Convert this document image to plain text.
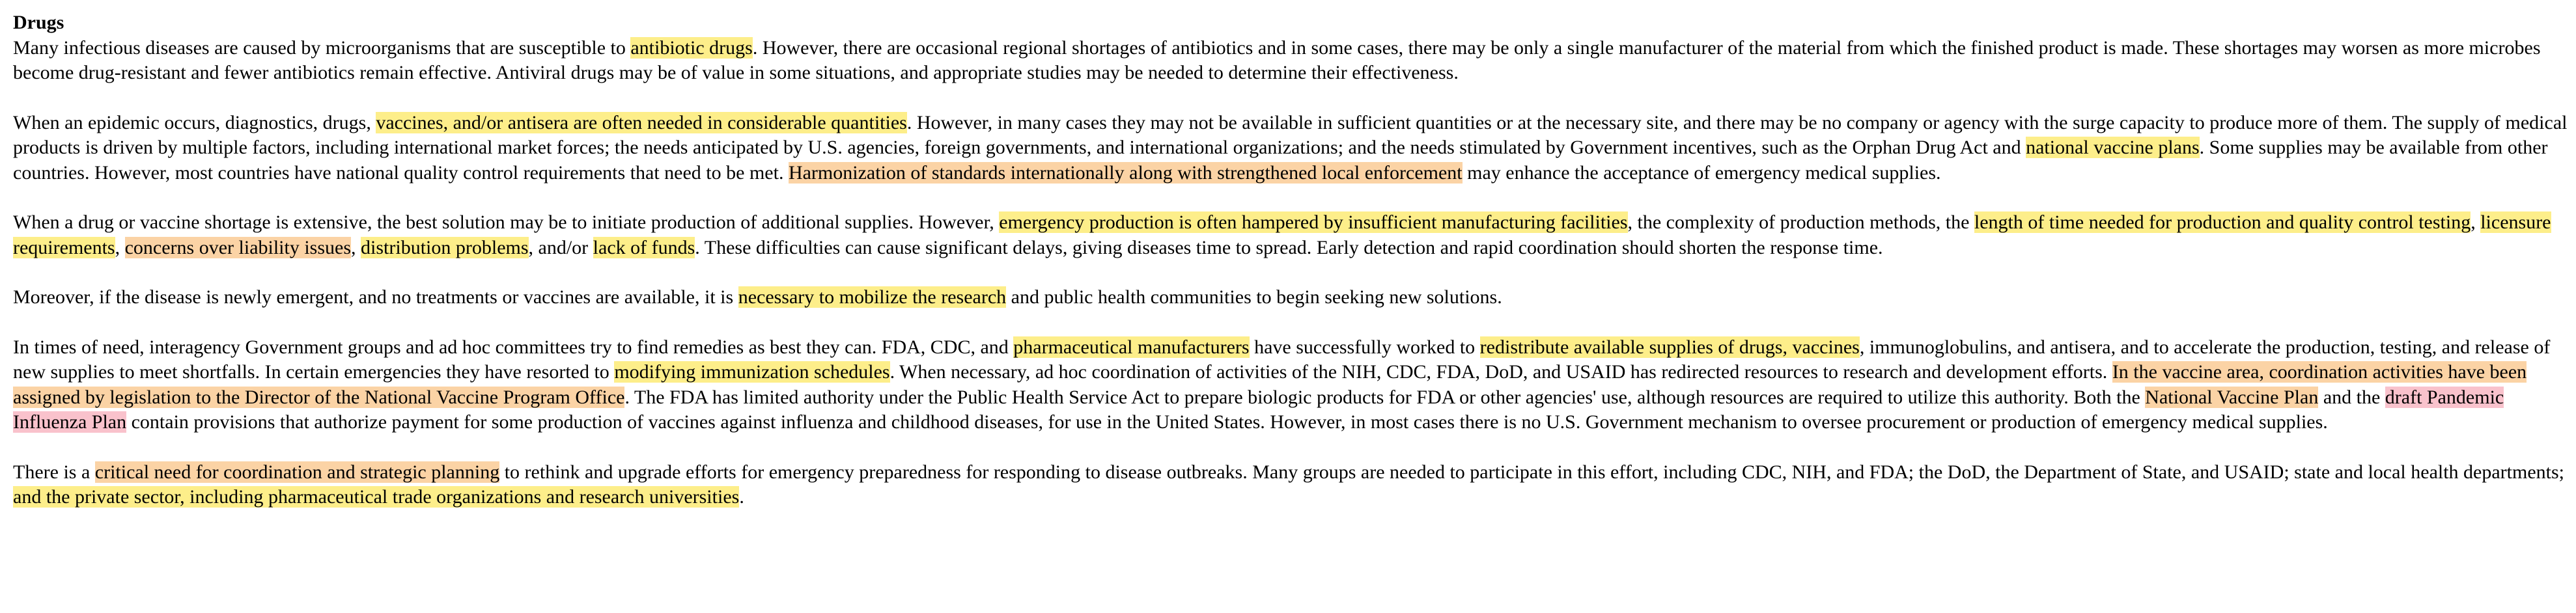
Drugs

Many infectious diseases are caused by microorganisms that are susceptible to antibiotic drugs. However, there are occasional regional shortages of antibiotics and in some cases, there may be only a single manufacturer of the material from which the finished product is made. These shortages may worsen as more microbes become drug-resistant and fewer antibiotics remain effective. Antiviral drugs may be of value in some situations, and appropriate studies may be needed to determine their effectiveness.

When an epidemic occurs, diagnostics, drugs, vaccines, and/or antisera are often needed in considerable quantities. However, in many cases they may not be available in sufficient quantities or at the necessary site, and there may be no company or agency with the surge capacity to produce more of them. The supply of medical products is driven by multiple factors, including international market forces; the needs anticipated by U.S. agencies, foreign governments, and international organizations; and the needs stimulated by Government incentives, such as the Orphan Drug Act and national vaccine plans. Some supplies may be available from other countries. However, most countries have national quality control requirements that need to be met. Harmonization of standards internationally along with strengthened local enforcement may enhance the acceptance of emergency medical supplies.

When a drug or vaccine shortage is extensive, the best solution may be to initiate production of additional supplies. However, emergency production is often hampered by insufficient manufacturing facilities, the complexity of production methods, the length of time needed for production and quality control testing, licensure requirements, concerns over liability issues, distribution problems, and/or lack of funds. These difficulties can cause significant delays, giving diseases time to spread. Early detection and rapid coordination should shorten the response time.

Moreover, if the disease is newly emergent, and no treatments or vaccines are available, it is necessary to mobilize the research and public health communities to begin seeking new solutions.

In times of need, interagency Government groups and ad hoc committees try to find remedies as best they can. FDA, CDC, and pharmaceutical manufacturers have successfully worked to redistribute available supplies of drugs, vaccines, immunoglobulins, and antisera, and to accelerate the production, testing, and release of new supplies to meet shortfalls. In certain emergencies they have resorted to modifying immunization schedules. When necessary, ad hoc coordination of activities of the NIH, CDC, FDA, DoD, and USAID has redirected resources to research and development efforts. In the vaccine area, coordination activities have been assigned by legislation to the Director of the National Vaccine Program Office. The FDA has limited authority under the Public Health Service Act to prepare biologic products for FDA or other agencies' use, although resources are required to utilize this authority. Both the National Vaccine Plan and the draft Pandemic Influenza Plan contain provisions that authorize payment for some production of vaccines against influenza and childhood diseases, for use in the United States. However, in most cases there is no U.S. Government mechanism to oversee procurement or production of emergency medical supplies.

There is a critical need for coordination and strategic planning to rethink and upgrade efforts for emergency preparedness for responding to disease outbreaks. Many groups are needed to participate in this effort, including CDC, NIH, and FDA; the DoD, the Department of State, and USAID; state and local health departments; and the private sector, including pharmaceutical trade organizations and research universities.
